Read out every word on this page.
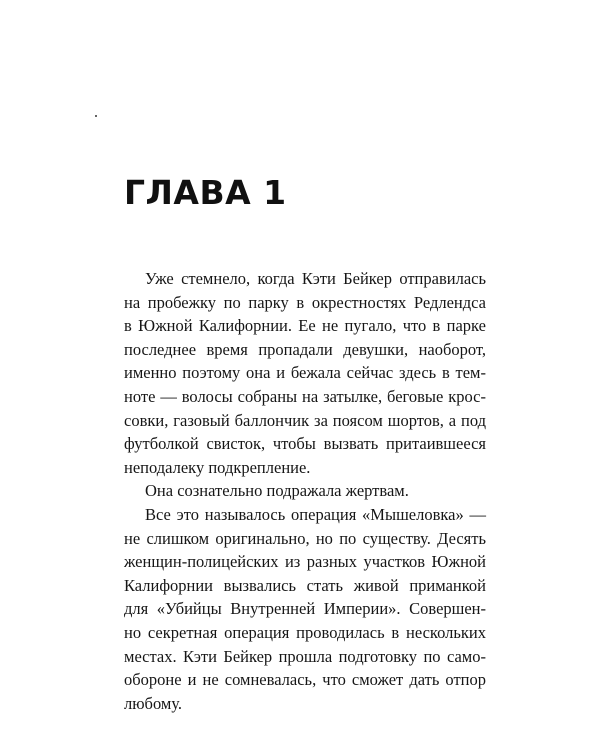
ГЛАВА 1
Уже стемнело, когда Кэти Бейкер отправилась
на пробежку по парку в окрестностях Редлендса
в Южной Калифорнии. Ее не пугало, что в парке
последнее время пропадали девушки, наоборот,
именно поэтому она и бежала сейчас здесь в тем-
ноте — волосы собраны на затылке, беговые крос-
совки, газовый баллончик за поясом шортов, а под
футболкой свисток, чтобы вызвать притаившееся
неподалеку подкрепление.
Она сознательно подражала жертвам.
Все это называлось операция «Мышеловка» —
не слишком оригинально, но по существу. Десять
женщин-полицейских из разных участков Южной
Калифорнии вызвались стать живой приманкой
для «Убийцы Внутренней Империи». Совершен-
но секретная операция проводилась в нескольких
местах. Кэти Бейкер прошла подготовку по само-
обороне и не сомневалась, что сможет дать отпор
любому.
